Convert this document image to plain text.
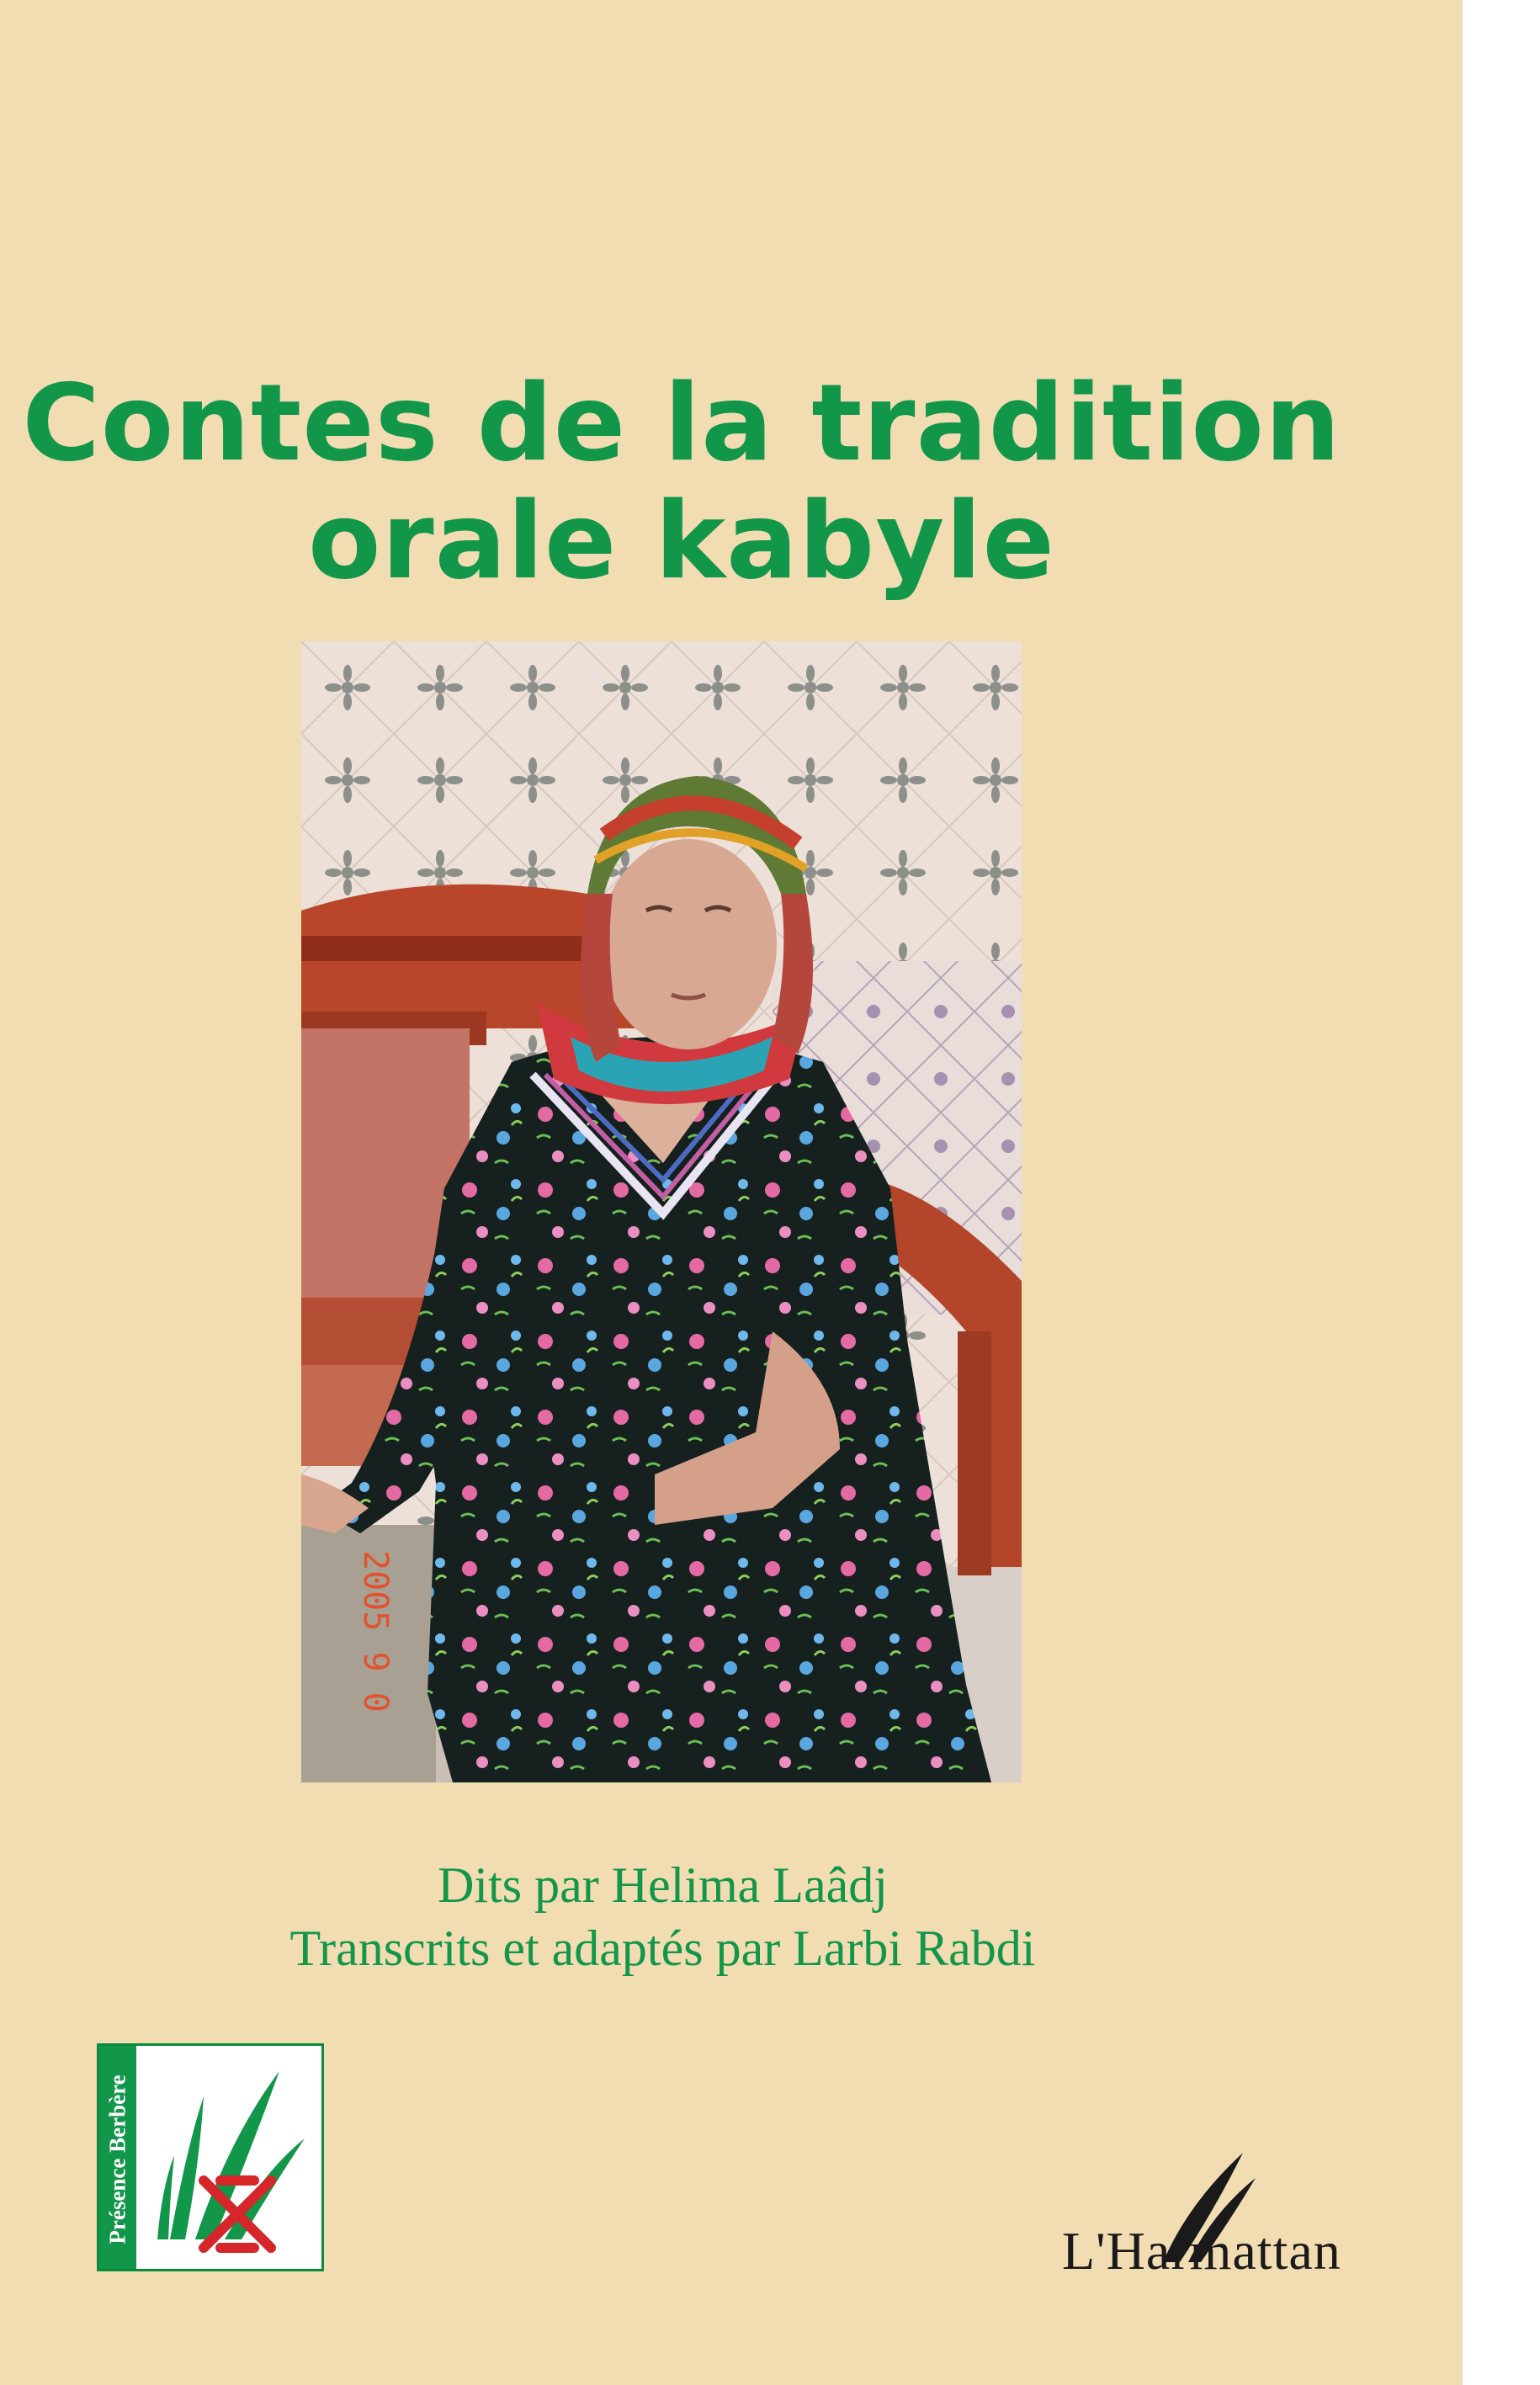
Contes de la tradition
orale kabyle
2005 9 0
Dits par Helima Laâdj
Transcrits et adaptés par Larbi Rabdi
Présence Berbère
L'Harmattan
